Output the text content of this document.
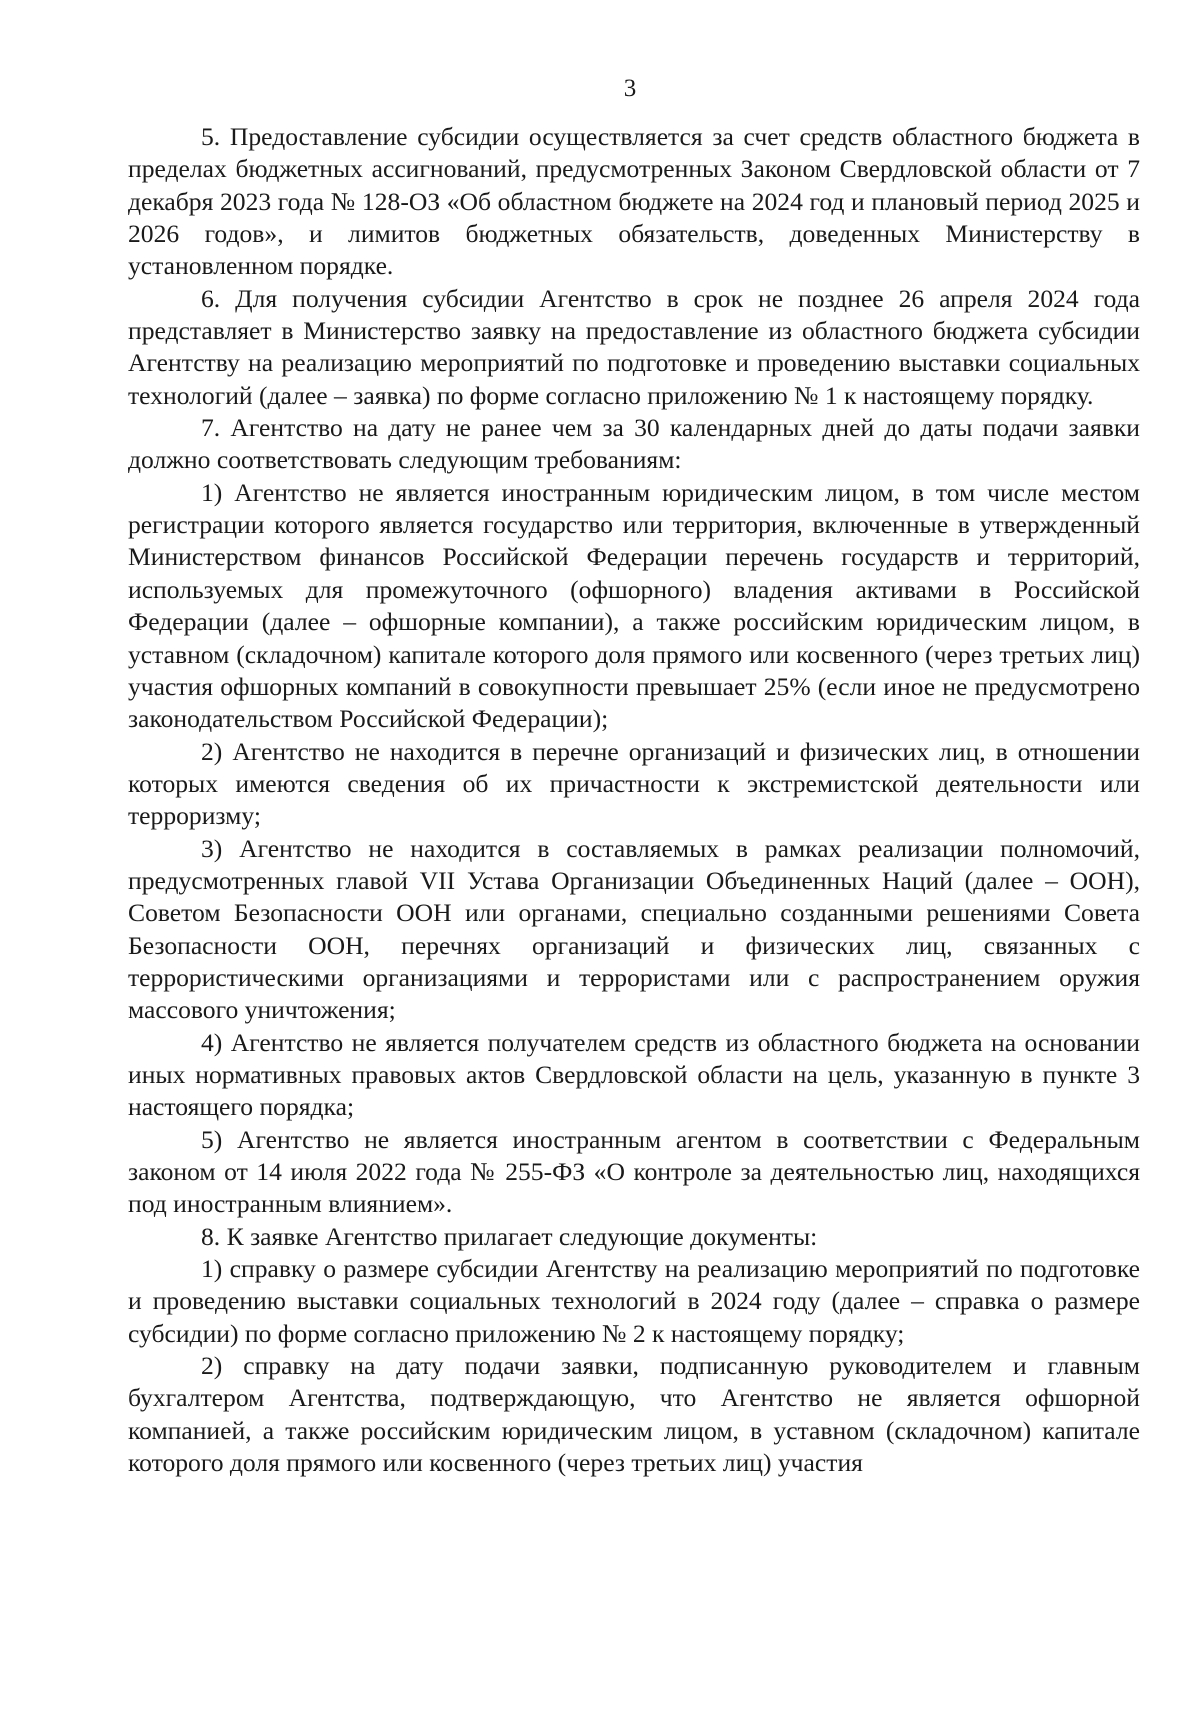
3

5. Предоставление субсидии осуществляется за счет средств областного бюджета в пределах бюджетных ассигнований, предусмотренных Законом Свердловской области от 7 декабря 2023 года № 128-ОЗ «Об областном бюджете на 2024 год и плановый период 2025 и 2026 годов», и лимитов бюджетных обязательств, доведенных Министерству в установленном порядке.

6. Для получения субсидии Агентство в срок не позднее 26 апреля 2024 года представляет в Министерство заявку на предоставление из областного бюджета субсидии Агентству на реализацию мероприятий по подготовке и проведению выставки социальных технологий (далее – заявка) по форме согласно приложению № 1 к настоящему порядку.

7. Агентство на дату не ранее чем за 30 календарных дней до даты подачи заявки должно соответствовать следующим требованиям:

1) Агентство не является иностранным юридическим лицом, в том числе местом регистрации которого является государство или территория, включенные в утвержденный Министерством финансов Российской Федерации перечень государств и территорий, используемых для промежуточного (офшорного) владения активами в Российской Федерации (далее – офшорные компании), а также российским юридическим лицом, в уставном (складочном) капитале которого доля прямого или косвенного (через третьих лиц) участия офшорных компаний в совокупности превышает 25% (если иное не предусмотрено законодательством Российской Федерации);

2) Агентство не находится в перечне организаций и физических лиц, в отношении которых имеются сведения об их причастности к экстремистской деятельности или терроризму;

3) Агентство не находится в составляемых в рамках реализации полномочий, предусмотренных главой VII Устава Организации Объединенных Наций (далее – ООН), Советом Безопасности ООН или органами, специально созданными решениями Совета Безопасности ООН, перечнях организаций и физических лиц, связанных с террористическими организациями и террористами или с распространением оружия массового уничтожения;

4) Агентство не является получателем средств из областного бюджета на основании иных нормативных правовых актов Свердловской области на цель, указанную в пункте 3 настоящего порядка;

5) Агентство не является иностранным агентом в соответствии с Федеральным законом от 14 июля 2022 года № 255-ФЗ «О контроле за деятельностью лиц, находящихся под иностранным влиянием».

8. К заявке Агентство прилагает следующие документы:

1) справку о размере субсидии Агентству на реализацию мероприятий по подготовке и проведению выставки социальных технологий в 2024 году (далее – справка о размере субсидии) по форме согласно приложению № 2 к настоящему порядку;

2) справку на дату подачи заявки, подписанную руководителем и главным бухгалтером Агентства, подтверждающую, что Агентство не является офшорной компанией, а также российским юридическим лицом, в уставном (складочном) капитале которого доля прямого или косвенного (через третьих лиц) участия
